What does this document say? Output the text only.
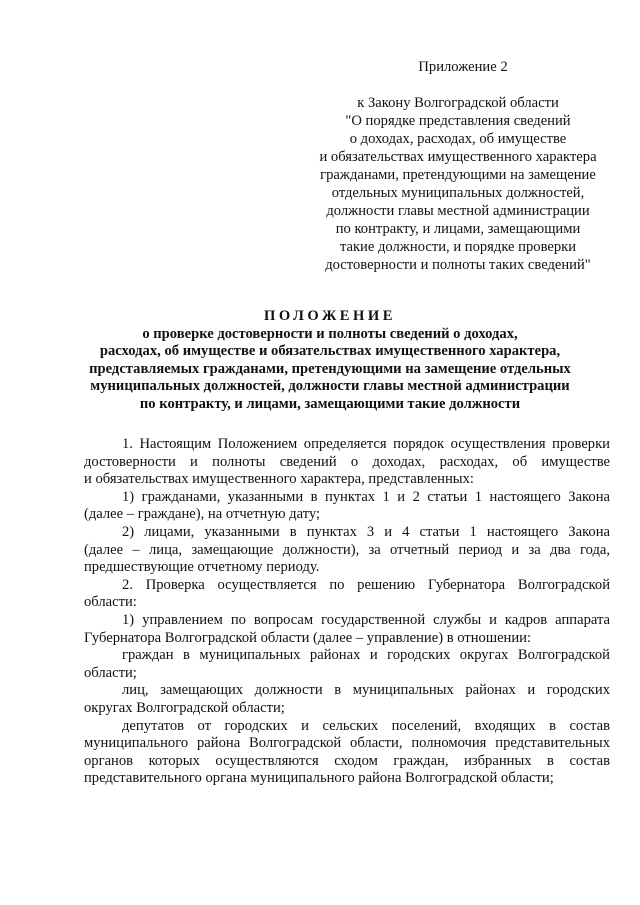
Приложение 2
к Закону Волгоградской области
"О порядке представления сведений
о доходах, расходах, об имуществе
и обязательствах имущественного характера
гражданами, претендующими на замещение
отдельных муниципальных должностей,
должности главы местной администрации
по контракту, и лицами, замещающими
такие должности, и порядке проверки
достоверности и полноты таких сведений"
ПОЛОЖЕНИЕ
о проверке достоверности и полноты сведений о доходах,
расходах, об имуществе и обязательствах имущественного характера,
представляемых гражданами, претендующими на замещение отдельных
муниципальных должностей, должности главы местной администрации
по контракту, и лицами, замещающими такие должности
1. Настоящим Положением определяется порядок осуществления проверки
достоверности и полноты сведений о доходах, расходах, об имуществе
и обязательствах имущественного характера, представленных:
1) гражданами, указанными в пунктах 1 и 2 статьи 1 настоящего Закона
(далее – граждане), на отчетную дату;
2) лицами, указанными в пунктах 3 и 4 статьи 1 настоящего Закона
(далее – лица, замещающие должности), за отчетный период и за два года,
предшествующие отчетному периоду.
2. Проверка осуществляется по решению Губернатора Волгоградской
области:
1) управлением по вопросам государственной службы и кадров аппарата
Губернатора Волгоградской области (далее – управление) в отношении:
граждан в муниципальных районах и городских округах Волгоградской
области;
лиц, замещающих должности в муниципальных районах и городских
округах Волгоградской области;
депутатов от городских и сельских поселений, входящих в состав
муниципального района Волгоградской области, полномочия представительных
органов которых осуществляются сходом граждан, избранных в состав
представительного органа муниципального района Волгоградской области;
